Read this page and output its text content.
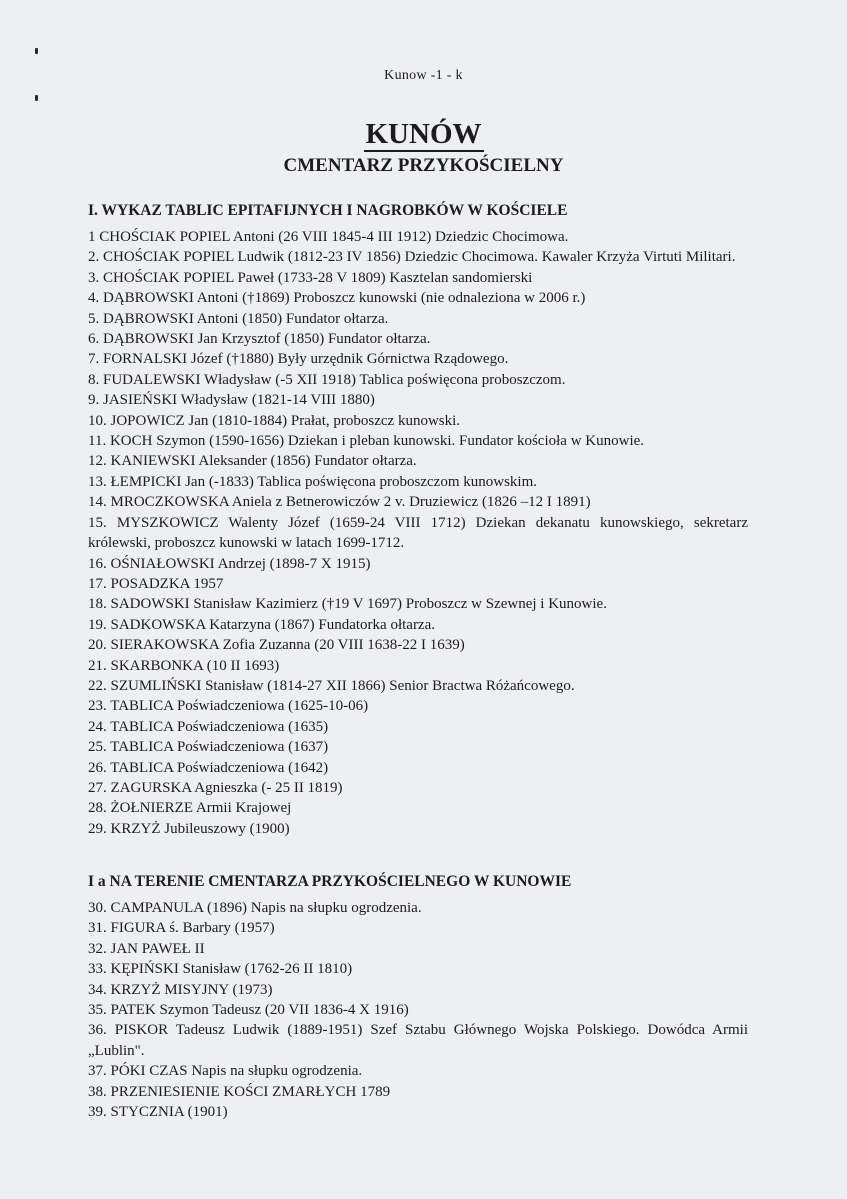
Kunow -1 - k
KUNÓW
CMENTARZ PRZYKOŚCIELNY
I. WYKAZ TABLIC EPITAFIJNYCH I NAGROBKÓW W KOŚCIELE

1 CHOŚCIAK POPIEL Antoni (26 VIII 1845-4 III 1912) Dziedzic Chocimowa.

2. CHOŚCIAK POPIEL Ludwik (1812-23 IV 1856) Dziedzic Chocimowa. Kawaler Krzyża Virtuti Militari.

3. CHOŚCIAK POPIEL Paweł (1733-28 V 1809) Kasztelan sandomierski

4. DĄBROWSKI Antoni (†1869) Proboszcz kunowski (nie odnaleziona w 2006 r.)

5. DĄBROWSKI Antoni (1850) Fundator ołtarza.

6. DĄBROWSKI Jan Krzysztof (1850) Fundator ołtarza.

7. FORNALSKI Józef (†1880) Były urzędnik Górnictwa Rządowego.

8. FUDALEWSKI Władysław (-5 XII 1918) Tablica poświęcona proboszczom.

9. JASIEŃSKI Władysław (1821-14 VIII 1880)

10. JOPOWICZ Jan (1810-1884) Prałat, proboszcz kunowski.

11. KOCH Szymon (1590-1656) Dziekan i pleban kunowski. Fundator kościoła w Kunowie.

12. KANIEWSKI Aleksander (1856) Fundator ołtarza.

13. ŁEMPICKI Jan (-1833) Tablica poświęcona proboszczom kunowskim.

14. MROCZKOWSKA Aniela z Betnerowiczów 2 v. Druziewicz (1826 –12 I 1891)

15. MYSZKOWICZ Walenty Józef (1659-24 VIII 1712) Dziekan dekanatu kunowskiego, sekretarz królewski, proboszcz kunowski w latach 1699-1712.

16. OŚNIAŁOWSKI Andrzej (1898-7 X 1915)

17. POSADZKA 1957

18. SADOWSKI Stanisław Kazimierz (†19 V 1697) Proboszcz w Szewnej i Kunowie.

19. SADKOWSKA Katarzyna (1867) Fundatorka ołtarza.

20. SIERAKOWSKA Zofia Zuzanna (20 VIII 1638-22 I 1639)

21. SKARBONKA (10 II 1693)

22. SZUMLIŃSKI Stanisław (1814-27 XII 1866) Senior Bractwa Różańcowego.

23. TABLICA Poświadczeniowa (1625-10-06)

24. TABLICA Poświadczeniowa (1635)

25. TABLICA Poświadczeniowa (1637)

26. TABLICA Poświadczeniowa (1642)

27. ZAGURSKA Agnieszka (- 25 II 1819)

28. ŻOŁNIERZE Armii Krajowej

29. KRZYŻ Jubileuszowy (1900)

I a NA TERENIE CMENTARZA PRZYKOŚCIELNEGO W KUNOWIE

30. CAMPANULA (1896) Napis na słupku ogrodzenia.

31. FIGURA ś. Barbary (1957)

32. JAN PAWEŁ II

33. KĘPIŃSKI Stanisław (1762-26 II 1810)

34. KRZYŻ MISYJNY (1973)

35. PATEK Szymon Tadeusz (20 VII 1836-4 X 1916)

36. PISKOR Tadeusz Ludwik (1889-1951) Szef Sztabu Głównego Wojska Polskiego. Dowódca Armii „Lublin".

37. PÓKI CZAS Napis na słupku ogrodzenia.

38. PRZENIESIENIE KOŚCI ZMARŁYCH 1789

39. STYCZNIA (1901)
